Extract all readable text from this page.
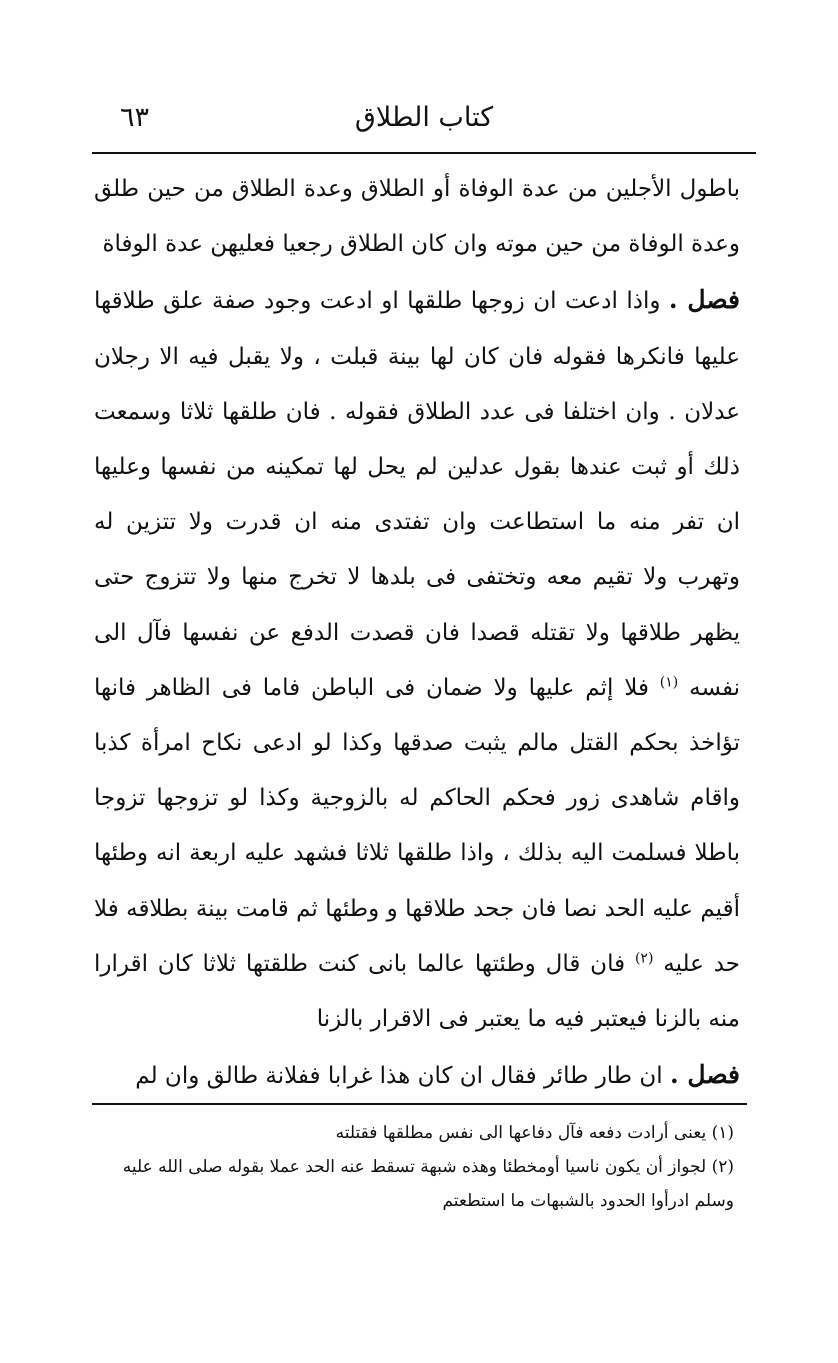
٦٣	كتاب الطلاق

باطول الأجلين من عدة الوفاة أو الطلاق وعدة الطلاق من حين طلق وعدة الوفاة من حين موته وان كان الطلاق رجعيا فعليهن عدة الوفاة

فصل . واذا ادعت ان زوجها طلقها او ادعت وجود صفة علق طلاقها عليها فانكرها فقوله فان كان لها بينة قبلت ، ولا يقبل فيه الا رجلان عدلان . وان اختلفا فى عدد الطلاق فقوله . فان طلقها ثلاثا وسمعت ذلك أو ثبت عندها بقول عدلين لم يحل لها تمكينه من نفسها وعليها ان تفر منه ما استطاعت وان تفتدى منه ان قدرت ولا تتزين له وتهرب ولا تقيم معه وتختفى فى بلدها لا تخرج منها ولا تتزوج حتى يظهر طلاقها ولا تقتله قصدا فان قصدت الدفع عن نفسها فآل الى نفسه $^{(١)}$ فلا إثم عليها ولا ضمان فى الباطن فاما فى الظاهر فانها تؤاخذ بحكم القتل مالم يثبت صدقها وكذا لو ادعى نكاح امرأة كذبا واقام شاهدى زور فحكم الحاكم له بالزوجية وكذا لو تزوجها تزوجا باطلا فسلمت اليه بذلك ، واذا طلقها ثلاثا فشهد عليه اربعة انه وطئها أقيم عليه الحد نصا فان جحد طلاقها و وطئها ثم قامت بينة بطلاقه فلا حد عليه $^{(٢)}$ فان قال وطئتها عالما بانى كنت طلقتها ثلاثا كان اقرارا منه بالزنا فيعتبر فيه ما يعتبر فى الاقرار بالزنا

فصل . ان طار طائر فقال ان كان هذا غرابا ففلانة طالق وان لم

(١) يعنى أرادت دفعه فآل دفاعها الى نفس مطلقها فقتلته

(٢) لجواز أن يكون ناسيا أومخطئا وهذه شبهة تسقط عنه الحد عملا بقوله صلى الله عليه وسلم ادرأوا الحدود بالشبهات ما استطعتم
